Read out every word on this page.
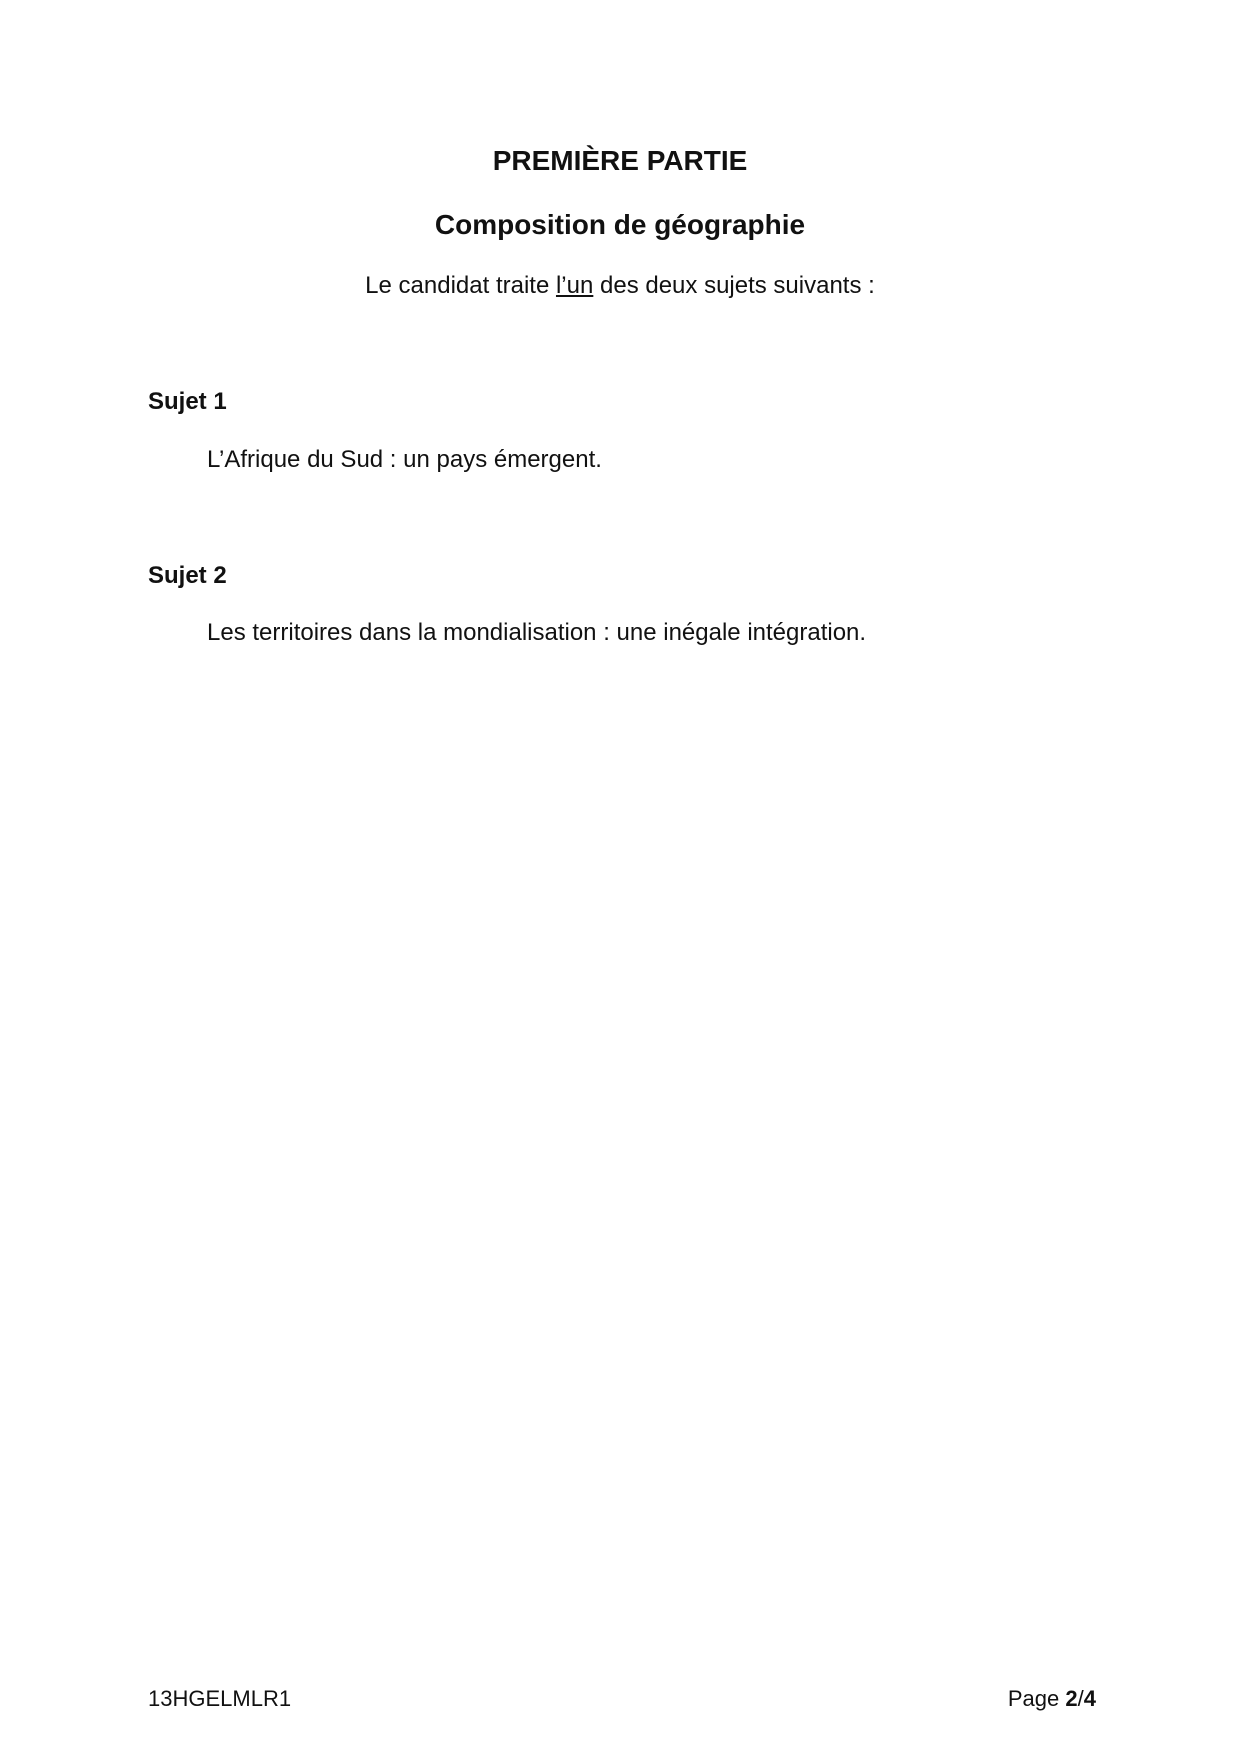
PREMIÈRE PARTIE
Composition de géographie
Le candidat traite l’un des deux sujets suivants :
Sujet 1
L’Afrique du Sud : un pays émergent.
Sujet 2
Les territoires dans la mondialisation : une inégale intégration.
13HGELMLR1	Page 2/4
